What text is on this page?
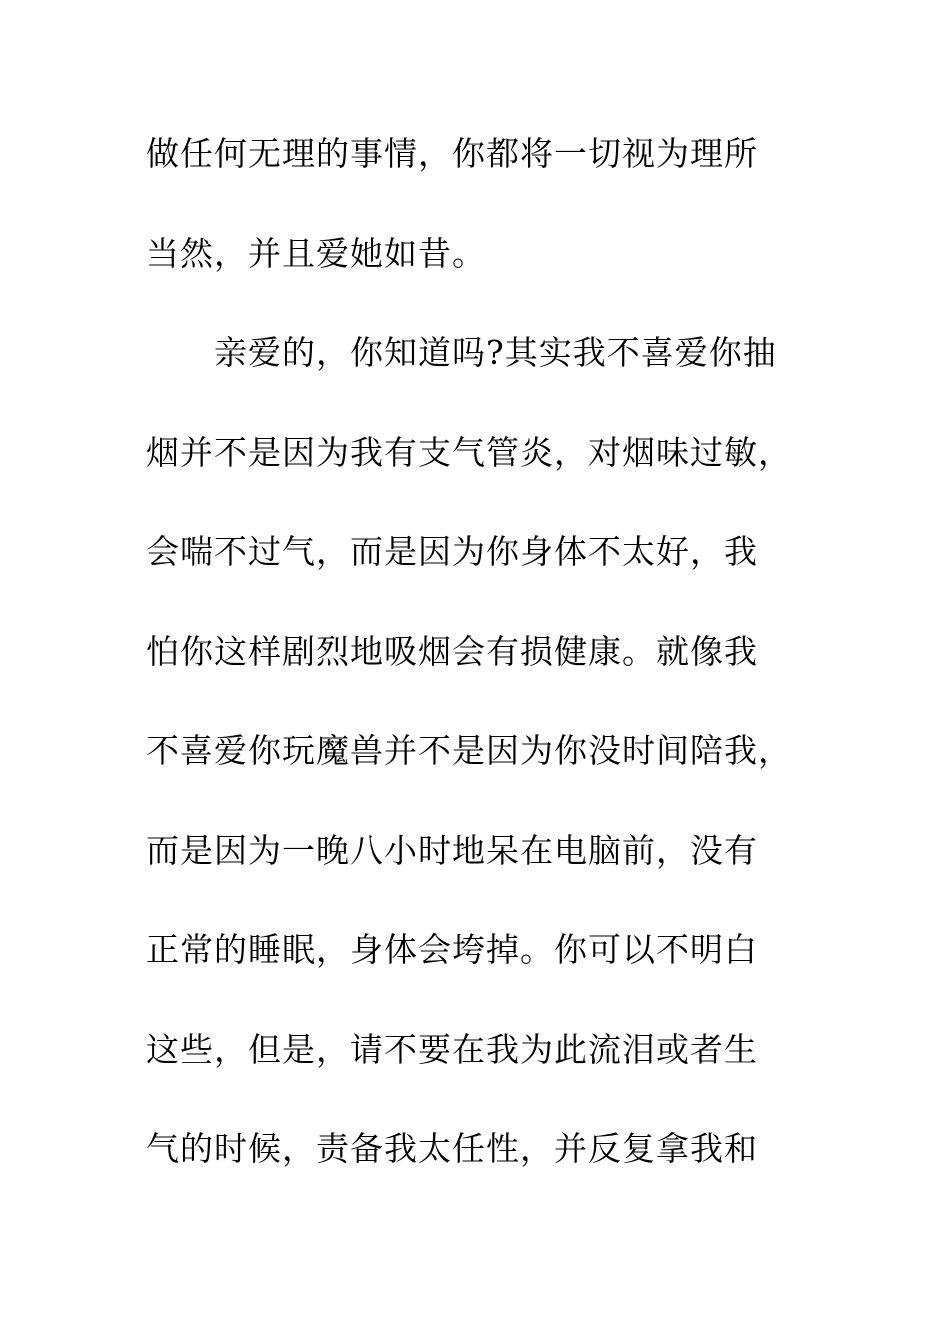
做任何无理的事情，你都将一切视为理所
当然，并且爱她如昔。
亲爱的，你知道吗?其实我不喜爱你抽
烟并不是因为我有支气管炎，对烟味过敏，
会喘不过气，而是因为你身体不太好，我
怕你这样剧烈地吸烟会有损健康。就像我
不喜爱你玩魔兽并不是因为你没时间陪我，
而是因为一晚八小时地呆在电脑前，没有
正常的睡眠，身体会垮掉。你可以不明白
这些，但是，请不要在我为此流泪或者生
气的时候，责备我太任性，并反复拿我和
